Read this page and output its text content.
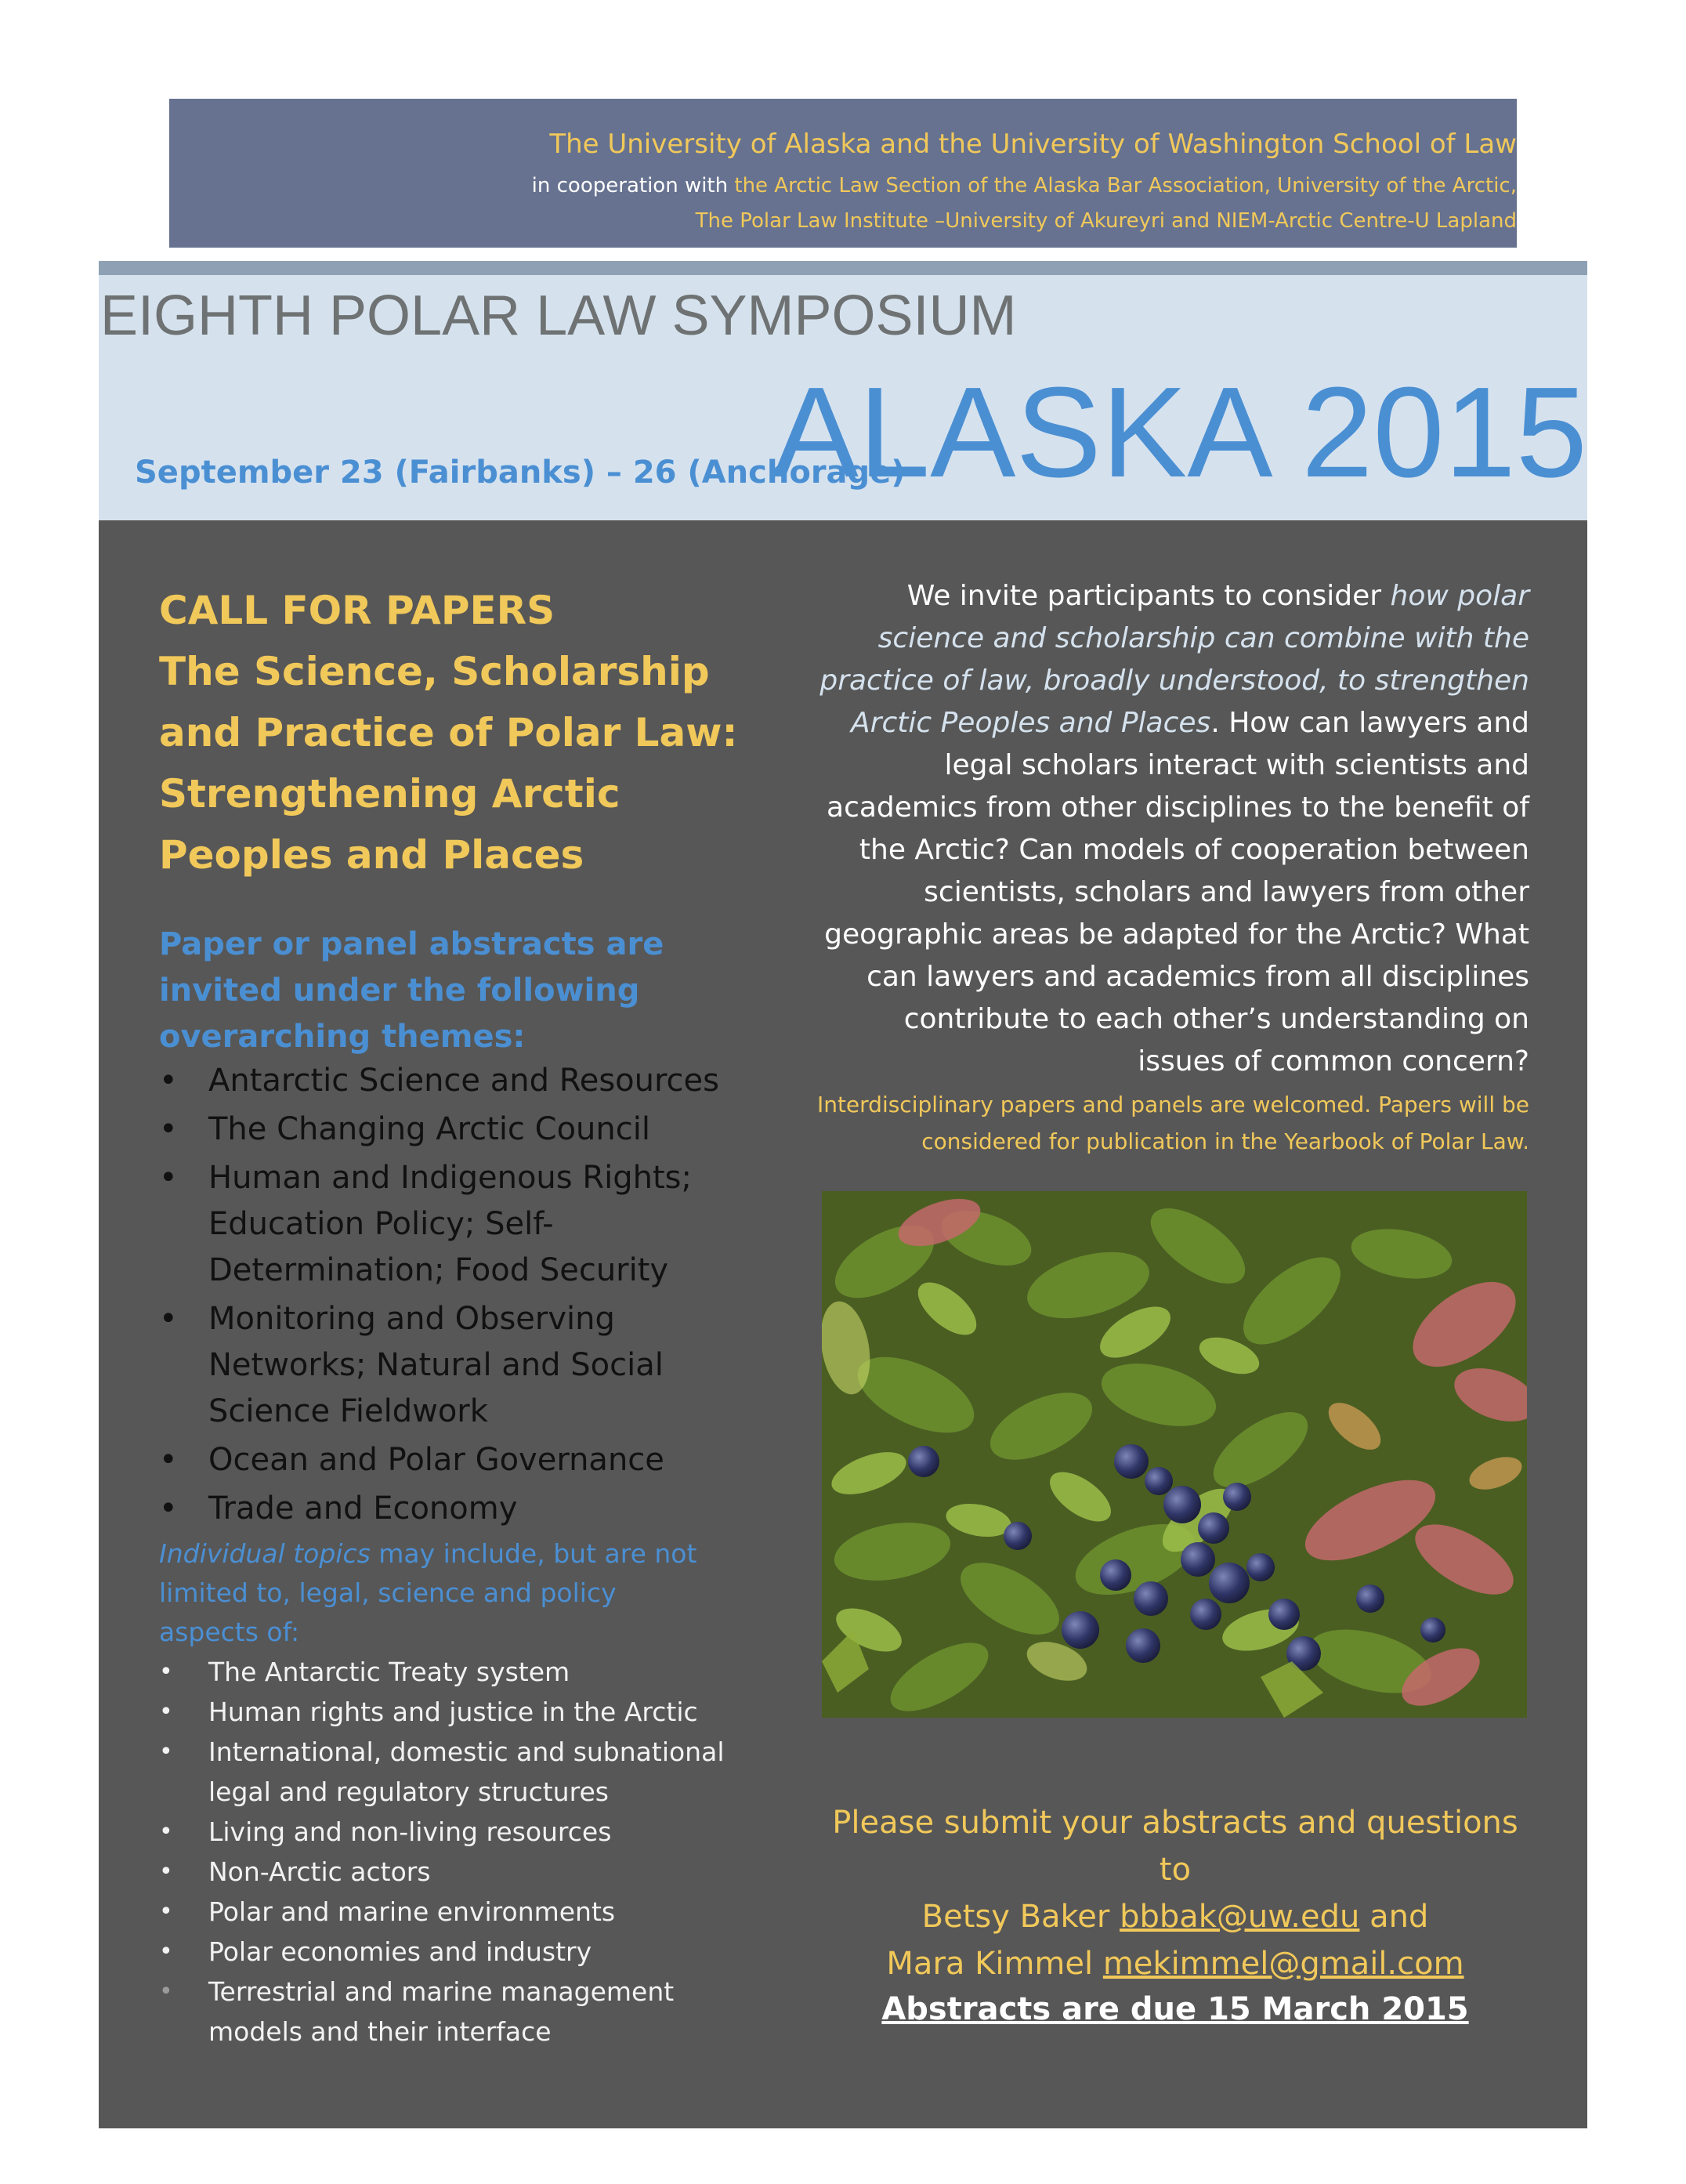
The University of Alaska and the University of Washington School of Law
in cooperation with the Arctic Law Section of the Alaska Bar Association, University of the Arctic,
The Polar Law Institute –University of Akureyri and NIEM-Arctic Centre-U Lapland
EIGHTH POLAR LAW SYMPOSIUM
September 23 (Fairbanks) – 26 (Anchorage)
ALASKA 2015
CALL FOR PAPERS
The Science, Scholarship and Practice of Polar Law: Strengthening Arctic Peoples and Places
Paper or panel abstracts are invited under the following overarching themes:
• Antarctic Science and Resources
• The Changing Arctic Council
• Human and Indigenous Rights; Education Policy; Self-Determination; Food Security
• Monitoring and Observing Networks; Natural and Social Science Fieldwork
• Ocean and Polar Governance
• Trade and Economy
Individual topics may include, but are not limited to, legal, science and policy aspects of:
• The Antarctic Treaty system
• Human rights and justice in the Arctic
• International, domestic and subnational legal and regulatory structures
• Living and non-living resources
• Non-Arctic actors
• Polar and marine environments
• Polar economies and industry
• Terrestrial and marine management models and their interface
We invite participants to consider how polar science and scholarship can combine with the practice of law, broadly understood, to strengthen Arctic Peoples and Places. How can lawyers and legal scholars interact with scientists and academics from other disciplines to the benefit of the Arctic? Can models of cooperation between scientists, scholars and lawyers from other geographic areas be adapted for the Arctic? What can lawyers and academics from all disciplines contribute to each other’s understanding on issues of common concern?
Interdisciplinary papers and panels are welcomed. Papers will be considered for publication in the Yearbook of Polar Law.
Please submit your abstracts and questions to
Betsy Baker bbbak@uw.edu and
Mara Kimmel mekimmel@gmail.com
Abstracts are due 15 March 2015
